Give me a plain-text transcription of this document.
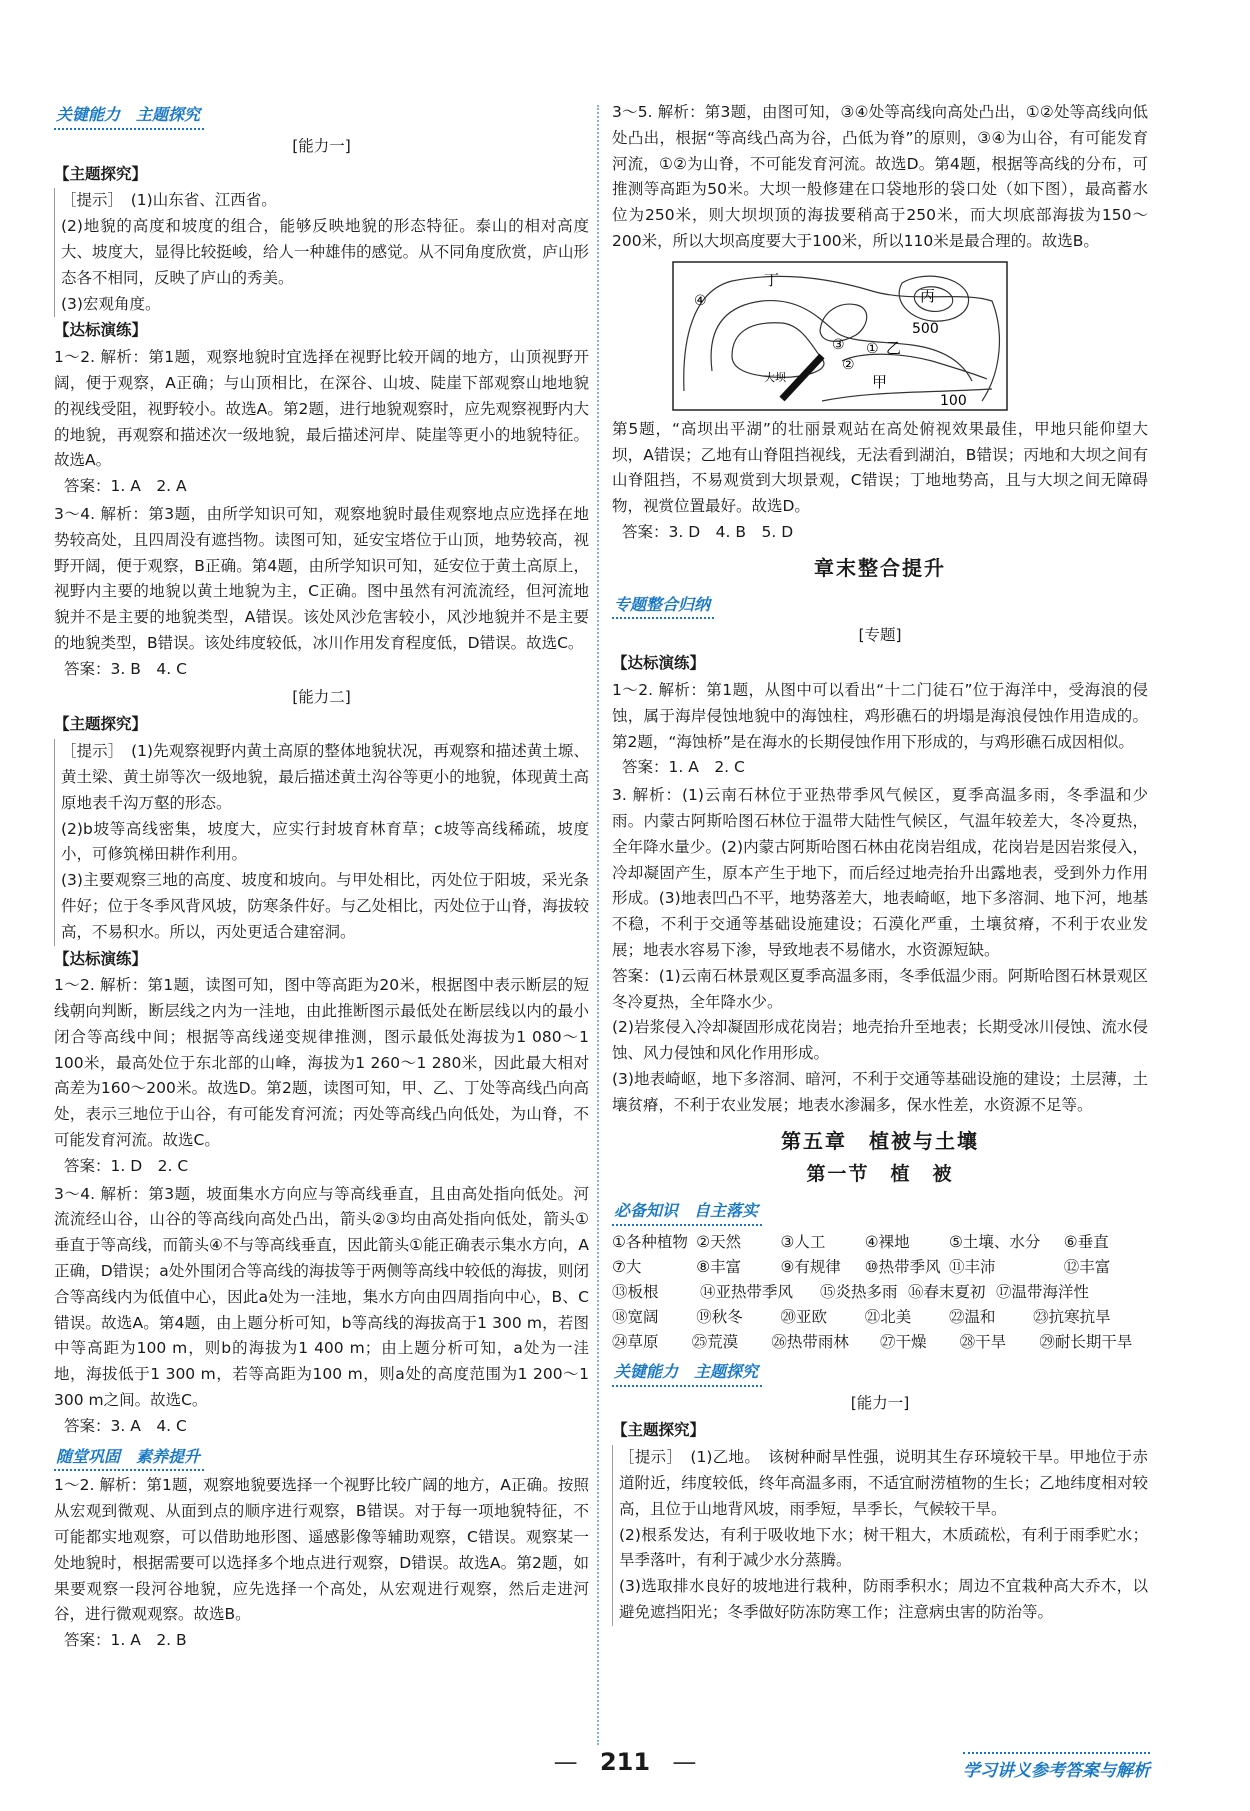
关键能力　主题探究
[能力一]
【主题探究】

［提示］　(1)山东省、江西省。

(2)地貌的高度和坡度的组合，能够反映地貌的形态特征。泰山的相对高度大、坡度大，显得比较挺峻，给人一种雄伟的感觉。从不同角度欣赏，庐山形态各不相同，反映了庐山的秀美。

(3)宏观角度。

【达标演练】

1～2. 解析：第1题，观察地貌时宜选择在视野比较开阔的地方，山顶视野开阔，便于观察，A正确；与山顶相比，在深谷、山坡、陡崖下部观察山地地貌的视线受阻，视野较小。故选A。第2题，进行地貌观察时，应先观察视野内大的地貌，再观察和描述次一级地貌，最后描述河岸、陡崖等更小的地貌特征。故选A。

答案：1. A　2. A

3～4. 解析：第3题，由所学知识可知，观察地貌时最佳观察地点应选择在地势较高处，且四周没有遮挡物。读图可知，延安宝塔位于山顶，地势较高，视野开阔，便于观察，B正确。第4题，由所学知识可知，延安位于黄土高原上，视野内主要的地貌以黄土地貌为主，C正确。图中虽然有河流流经，但河流地貌并不是主要的地貌类型，A错误。该处风沙危害较小，风沙地貌并不是主要的地貌类型，B错误。该处纬度较低，冰川作用发育程度低，D错误。故选C。

答案：3. B　4. C

[能力二]
【主题探究】

［提示］　(1)先观察视野内黄土高原的整体地貌状况，再观察和描述黄土塬、黄土梁、黄土峁等次一级地貌，最后描述黄土沟谷等更小的地貌，体现黄土高原地表千沟万壑的形态。

(2)b坡等高线密集，坡度大，应实行封坡育林育草；c坡等高线稀疏，坡度小，可修筑梯田耕作利用。

(3)主要观察三地的高度、坡度和坡向。与甲处相比，丙处位于阳坡，采光条件好；位于冬季风背风坡，防寒条件好。与乙处相比，丙处位于山脊，海拔较高，不易积水。所以，丙处更适合建窑洞。

【达标演练】

1～2. 解析：第1题，读图可知，图中等高距为20米，根据图中表示断层的短线朝向判断，断层线之内为一洼地，由此推断图示最低处在断层线以内的最小闭合等高线中间；根据等高线递变规律推测，图示最低处海拔为1 080～1 100米，最高处位于东北部的山峰，海拔为1 260～1 280米，因此最大相对高差为160～200米。故选D。第2题，读图可知，甲、乙、丁处等高线凸向高处，表示三地位于山谷，有可能发育河流；丙处等高线凸向低处，为山脊，不可能发育河流。故选C。

答案：1. D　2. C

3～4. 解析：第3题，坡面集水方向应与等高线垂直，且由高处指向低处。河流流经山谷，山谷的等高线向高处凸出，箭头②③均由高处指向低处，箭头①垂直于等高线，而箭头④不与等高线垂直，因此箭头①能正确表示集水方向，A正确，D错误；a处外围闭合等高线的海拔等于两侧等高线中较低的海拔，则闭合等高线内为低值中心，因此a处为一洼地，集水方向由四周指向中心，B、C错误。故选A。第4题，由上题分析可知，b等高线的海拔高于1 300 m，若图中等高距为100 m，则b的海拔为1 400 m；由上题分析可知，a处为一洼地，海拔低于1 300 m，若等高距为100 m，则a处的高度范围为1 200～1 300 m之间。故选C。

答案：3. A　4. C

随堂巩固　素养提升

1～2. 解析：第1题，观察地貌要选择一个视野比较广阔的地方，A正确。按照从宏观到微观、从面到点的顺序进行观察，B错误。对于每一项地貌特征，不可能都实地观察，可以借助地形图、遥感影像等辅助观察，C错误。观察某一处地貌时，根据需要可以选择多个地点进行观察，D错误。故选A。第2题，如果要观察一段河谷地貌，应先选择一个高处，从宏观进行观察，然后走进河谷，进行微观观察。故选B。

答案：1. A　2. B

3～5. 解析：第3题，由图可知，③④处等高线向高处凸出，①②处等高线向低处凸出，根据“等高线凸高为谷，凸低为脊”的原则，③④为山谷，有可能发育河流，①②为山脊，不可能发育河流。故选D。第4题，根据等高线的分布，可推测等高距为50米。大坝一般修建在口袋地形的袋口处（如下图），最高蓄水位为250米，则大坝坝顶的海拔要稍高于250米，而大坝底部海拔为150～200米，所以大坝高度要大于100米，所以110米是最合理的。故选B。

丁
丙
500
乙
甲
100
大坝
①
②
③
④

第5题，“高坝出平湖”的壮丽景观站在高处俯视效果最佳，甲地只能仰望大坝，A错误；乙地有山脊阻挡视线，无法看到湖泊，B错误；丙地和大坝之间有山脊阻挡，不易观赏到大坝景观，C错误；丁地地势高，且与大坝之间无障碍物，视赏位置最好。故选D。

答案：3. D　4. B　5. D

章末整合提升
专题整合归纳
[专题]
【达标演练】

1～2. 解析：第1题，从图中可以看出“十二门徒石”位于海洋中，受海浪的侵蚀，属于海岸侵蚀地貌中的海蚀柱，鸡形礁石的坍塌是海浪侵蚀作用造成的。第2题，“海蚀桥”是在海水的长期侵蚀作用下形成的，与鸡形礁石成因相似。

答案：1. A　2. C

3. 解析：(1)云南石林位于亚热带季风气候区，夏季高温多雨，冬季温和少雨。内蒙古阿斯哈图石林位于温带大陆性气候区，气温年较差大，冬冷夏热，全年降水量少。(2)内蒙古阿斯哈图石林由花岗岩组成，花岗岩是因岩浆侵入，冷却凝固产生，原本产生于地下，而后经过地壳抬升出露地表，受到外力作用形成。(3)地表凹凸不平，地势落差大，地表崎岖，地下多溶洞、地下河，地基不稳，不利于交通等基础设施建设；石漠化严重，土壤贫瘠，不利于农业发展；地表水容易下渗，导致地表不易储水，水资源短缺。

答案：(1)云南石林景观区夏季高温多雨，冬季低温少雨。阿斯哈图石林景观区冬冷夏热，全年降水少。

(2)岩浆侵入冷却凝固形成花岗岩；地壳抬升至地表；长期受冰川侵蚀、流水侵蚀、风力侵蚀和风化作用形成。

(3)地表崎岖，地下多溶洞、暗河，不利于交通等基础设施的建设；土层薄，土壤贫瘠，不利于农业发展；地表水渗漏多，保水性差，水资源不足等。

第五章　植被与土壤
第一节　植　被
必备知识　自主落实
①各种植物 ②天然	③人工	④裸地	⑤土壤、水分	⑥垂直
⑦大	⑧丰富	⑨有规律	⑩热带季风 ⑪丰沛	⑫丰富
⑬板根	⑭亚热带季风	⑮炎热多雨 ⑯春末夏初 ⑰温带海洋性
⑱宽阔	⑲秋冬	⑳亚欧	㉑北美	㉒温和	㉓抗寒抗旱
㉔草原	㉕荒漠	㉖热带雨林	㉗干燥	㉘干旱	㉙耐长期干旱
关键能力　主题探究
[能力一]
【主题探究】

［提示］　(1)乙地。　该树种耐旱性强，说明其生存环境较干旱。甲地位于赤道附近，纬度较低，终年高温多雨，不适宜耐涝植物的生长；乙地纬度相对较高，且位于山地背风坡，雨季短，旱季长，气候较干旱。

(2)根系发达，有利于吸收地下水；树干粗大，木质疏松，有利于雨季贮水；旱季落叶，有利于减少水分蒸腾。

(3)选取排水良好的坡地进行栽种，防雨季积水；周边不宜栽种高大乔木，以避免遮挡阳光；冬季做好防冻防寒工作；注意病虫害的防治等。

— 211 —	学习讲义参考答案与解析
